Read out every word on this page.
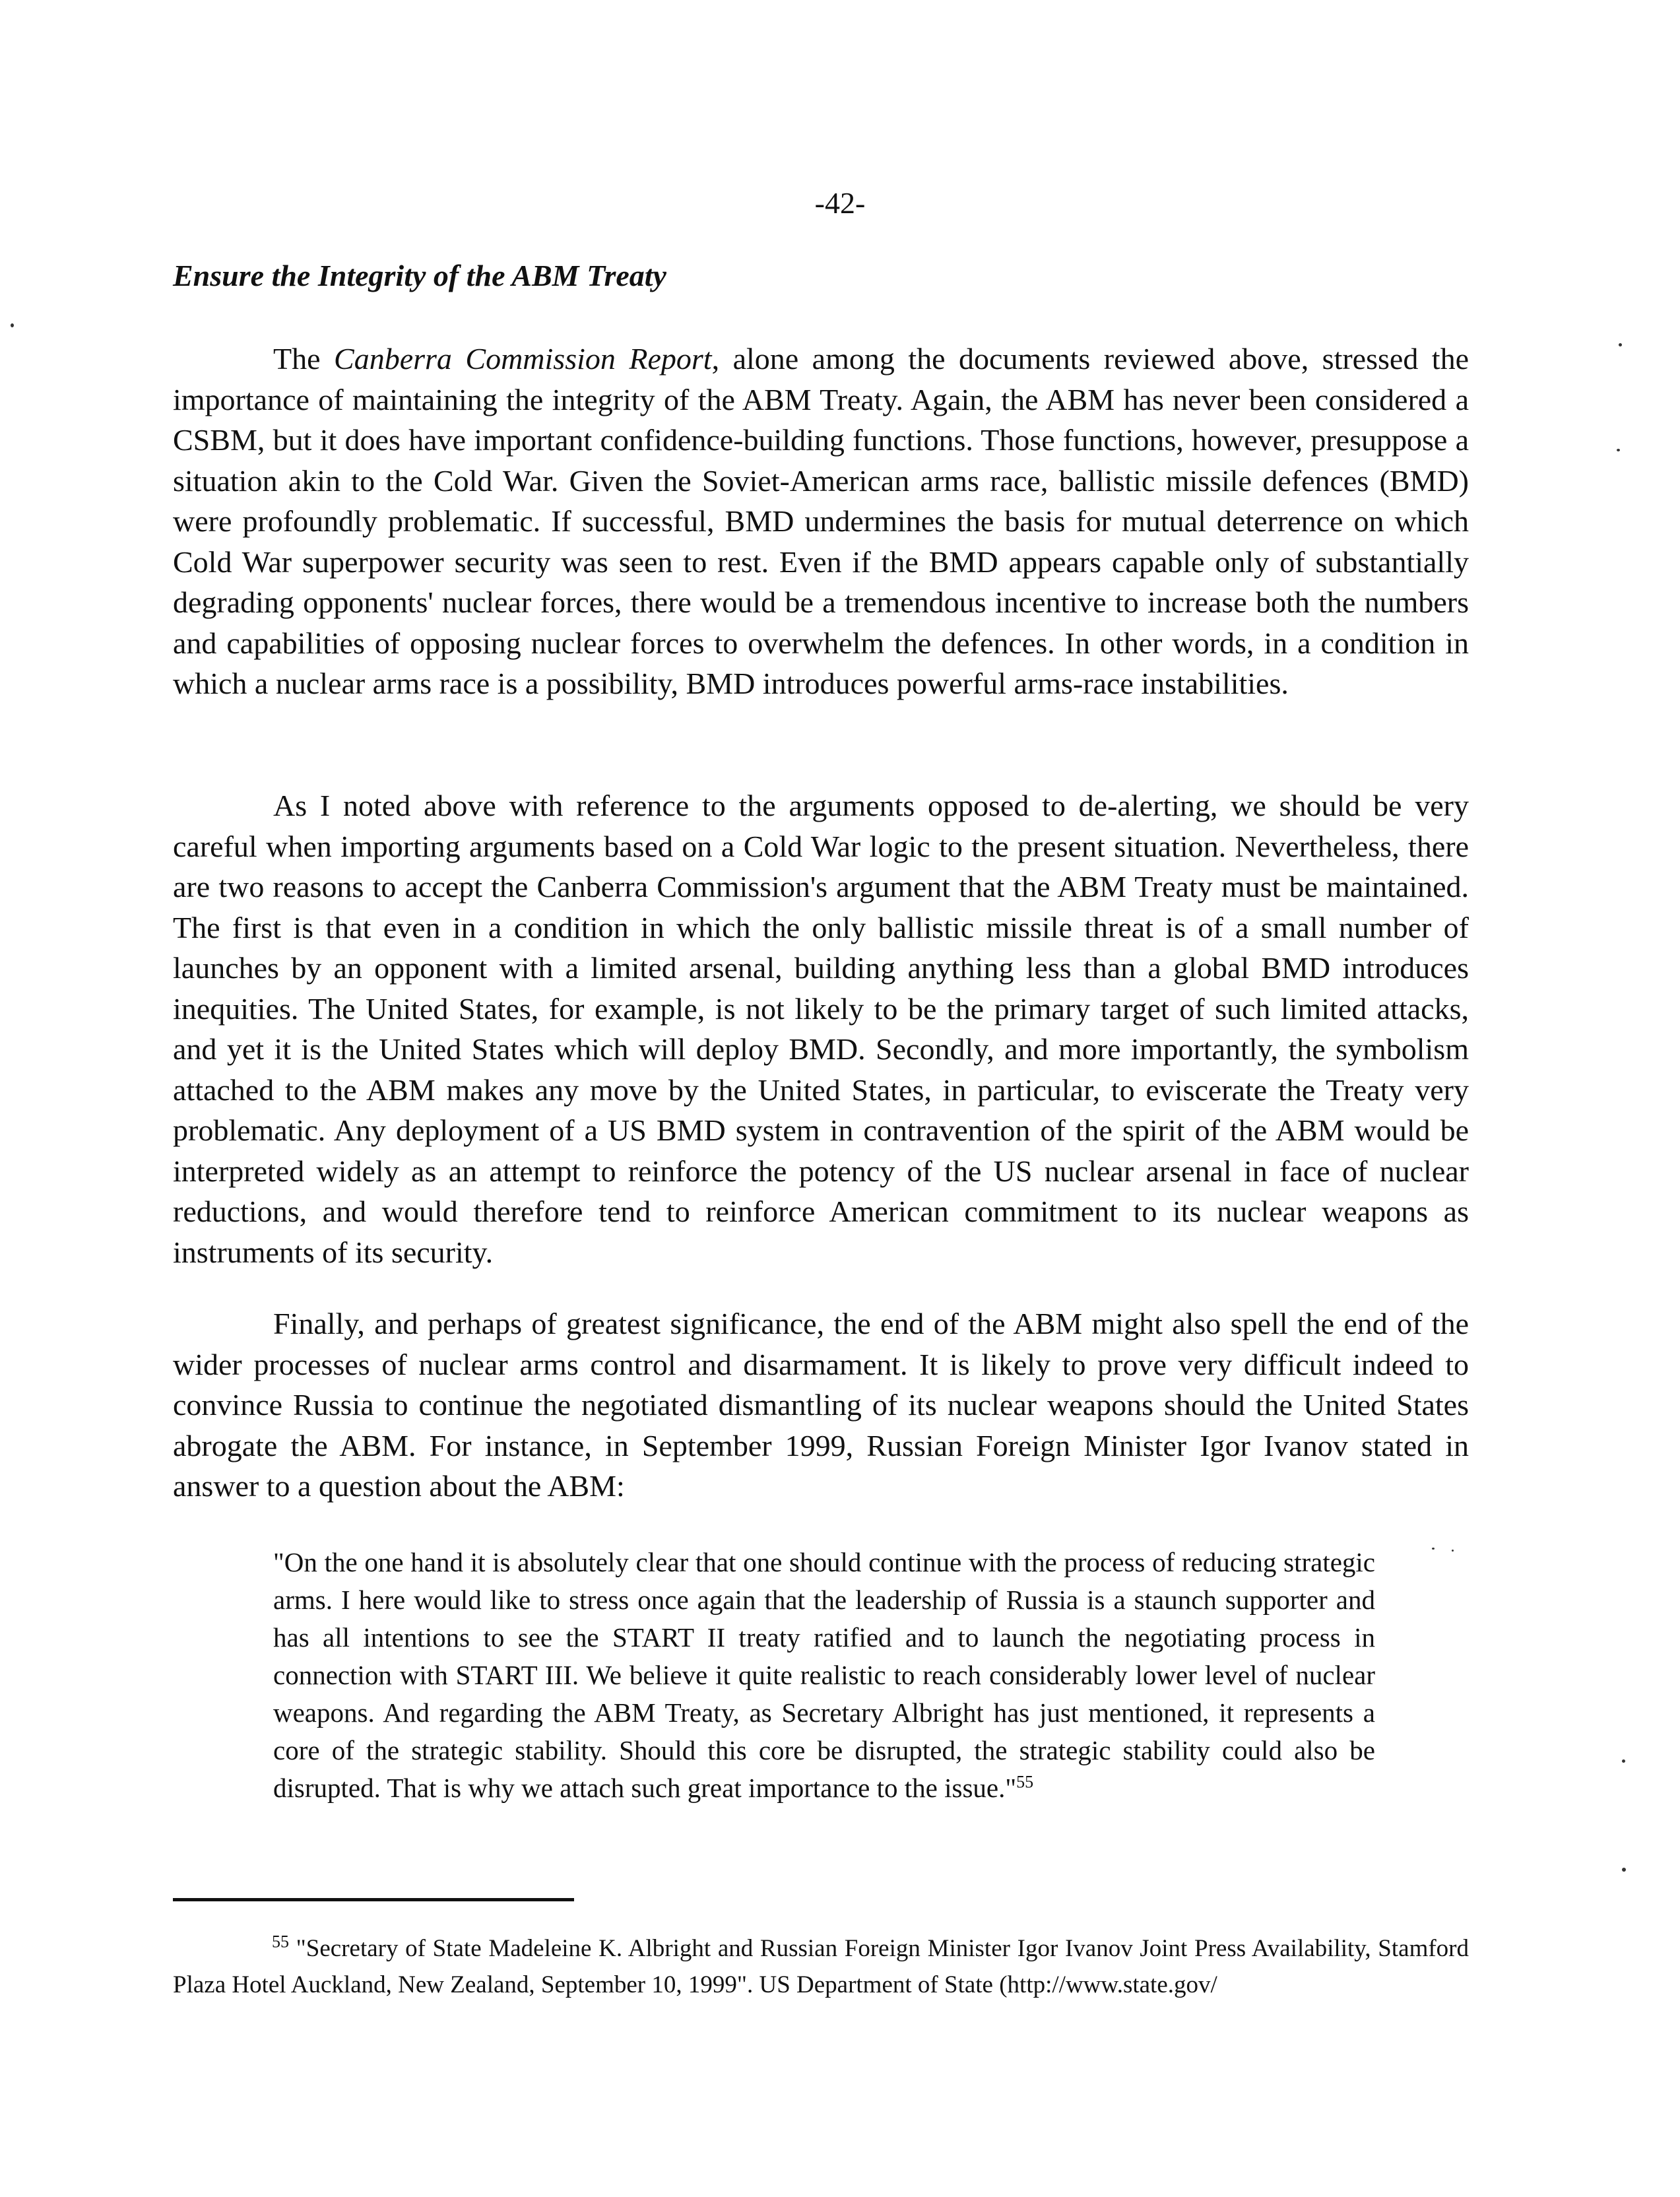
-42-
Ensure the Integrity of the ABM Treaty

The Canberra Commission Report, alone among the documents reviewed above, stressed the importance of maintaining the integrity of the ABM Treaty. Again, the ABM has never been considered a CSBM, but it does have important confidence-building functions. Those functions, however, presuppose a situation akin to the Cold War. Given the Soviet-American arms race, ballistic missile defences (BMD) were profoundly problematic. If successful, BMD undermines the basis for mutual deterrence on which Cold War superpower security was seen to rest. Even if the BMD appears capable only of substantially degrading opponents' nuclear forces, there would be a tremendous incentive to increase both the numbers and capabilities of opposing nuclear forces to overwhelm the defences. In other words, in a condition in which a nuclear arms race is a possibility, BMD introduces powerful arms-race instabilities.

As I noted above with reference to the arguments opposed to de-alerting, we should be very careful when importing arguments based on a Cold War logic to the present situation. Nevertheless, there are two reasons to accept the Canberra Commission's argument that the ABM Treaty must be maintained. The first is that even in a condition in which the only ballistic missile threat is of a small number of launches by an opponent with a limited arsenal, building anything less than a global BMD introduces inequities. The United States, for example, is not likely to be the primary target of such limited attacks, and yet it is the United States which will deploy BMD. Secondly, and more importantly, the symbolism attached to the ABM makes any move by the United States, in particular, to eviscerate the Treaty very problematic. Any deployment of a US BMD system in contravention of the spirit of the ABM would be interpreted widely as an attempt to reinforce the potency of the US nuclear arsenal in face of nuclear reductions, and would therefore tend to reinforce American commitment to its nuclear weapons as instruments of its security.

Finally, and perhaps of greatest significance, the end of the ABM might also spell the end of the wider processes of nuclear arms control and disarmament. It is likely to prove very difficult indeed to convince Russia to continue the negotiated dismantling of its nuclear weapons should the United States abrogate the ABM. For instance, in September 1999, Russian Foreign Minister Igor Ivanov stated in answer to a question about the ABM:

"On the one hand it is absolutely clear that one should continue with the process of reducing strategic arms. I here would like to stress once again that the leadership of Russia is a staunch supporter and has all intentions to see the START II treaty ratified and to launch the negotiating process in connection with START III. We believe it quite realistic to reach considerably lower level of nuclear weapons. And regarding the ABM Treaty, as Secretary Albright has just mentioned, it represents a core of the strategic stability. Should this core be disrupted, the strategic stability could also be disrupted. That is why we attach such great importance to the issue."$^{55}$

$^{55}$ "Secretary of State Madeleine K. Albright and Russian Foreign Minister Igor Ivanov Joint Press Availability, Stamford Plaza Hotel Auckland, New Zealand, September 10, 1999". US Department of State (http://www.state.gov/
